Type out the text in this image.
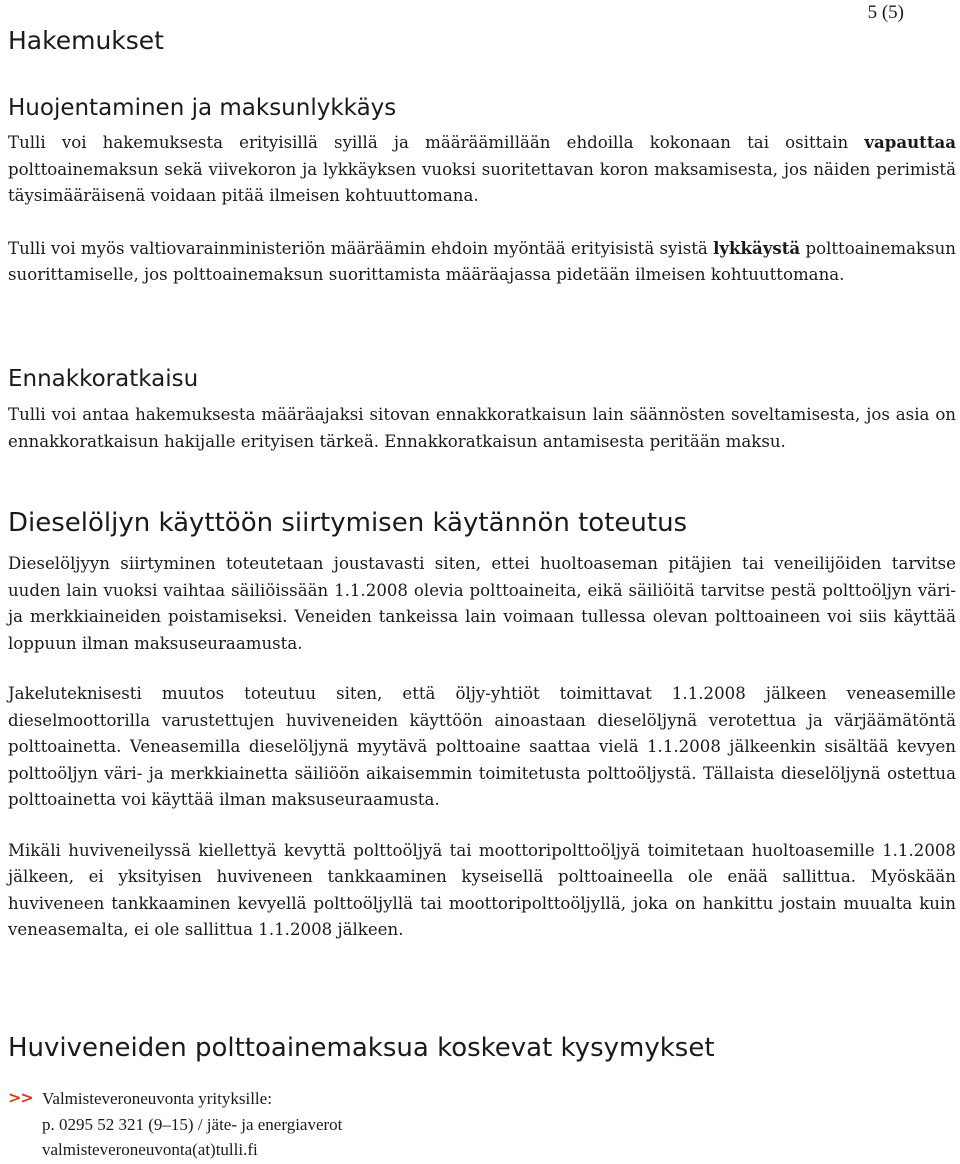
5 (5)
Hakemukset
Huojentaminen ja maksunlykkäys

Tulli voi hakemuksesta erityisillä syillä ja määräämillään ehdoilla kokonaan tai osittain vapauttaa polttoainemaksun sekä viivekoron ja lykkäyksen vuoksi suoritettavan koron maksamisesta, jos näiden perimistä täysimääräisenä voidaan pitää ilmeisen kohtuuttomana.

Tulli voi myös valtiovarainministeriön määräämin ehdoin myöntää erityisistä syistä lykkäystä polttoainemaksun suorittamiselle, jos polttoainemaksun suorittamista määräajassa pidetään ilmeisen kohtuuttomana.

Ennakkoratkaisu

Tulli voi antaa hakemuksesta määräajaksi sitovan ennakkoratkaisun lain säännösten soveltamisesta, jos asia on ennakkoratkaisun hakijalle erityisen tärkeä. Ennakkoratkaisun antamisesta peritään maksu.

Dieselöljyn käyttöön siirtymisen käytännön toteutus

Dieselöljyyn siirtyminen toteutetaan joustavasti siten, ettei huoltoaseman pitäjien tai veneilijöiden tarvitse uuden lain vuoksi vaihtaa säiliöissään 1.1.2008 olevia polttoaineita, eikä säiliöitä tarvitse pestä polttoöljyn väri- ja merkkiaineiden poistamiseksi. Veneiden tankeissa lain voimaan tullessa olevan polttoaineen voi siis käyttää loppuun ilman maksuseuraamusta.

Jakeluteknisesti muutos toteutuu siten, että öljy-yhtiöt toimittavat 1.1.2008 jälkeen veneasemille dieselmoottorilla varustettujen huviveneiden käyttöön ainoastaan dieselöljynä verotettua ja värjäämätöntä polttoainetta. Veneasemilla dieselöljynä myytävä polttoaine saattaa vielä 1.1.2008 jälkeenkin sisältää kevyen polttoöljyn väri- ja merkkiainetta säiliöön aikaisemmin toimitetusta polttoöljystä. Tällaista dieselöljynä ostettua polttoainetta voi käyttää ilman maksuseuraamusta.

Mikäli huviveneilyssä kiellettyä kevyttä polttoöljyä tai moottoripolttoöljyä toimitetaan huoltoasemille 1.1.2008 jälkeen, ei yksityisen huviveneen tankkaaminen kyseisellä polttoaineella ole enää sallittua. Myöskään huviveneen tankkaaminen kevyellä polttoöljyllä tai moottoripolttoöljyllä, joka on hankittu jostain muualta kuin veneasemalta, ei ole sallittua 1.1.2008 jälkeen.

Huviveneiden polttoainemaksua koskevat kysymykset
>> Valmisteveroneuvonta yrityksille:
p. 0295 52 321 (9–15) / jäte- ja energiaverot
valmisteveroneuvonta(at)tulli.fi
